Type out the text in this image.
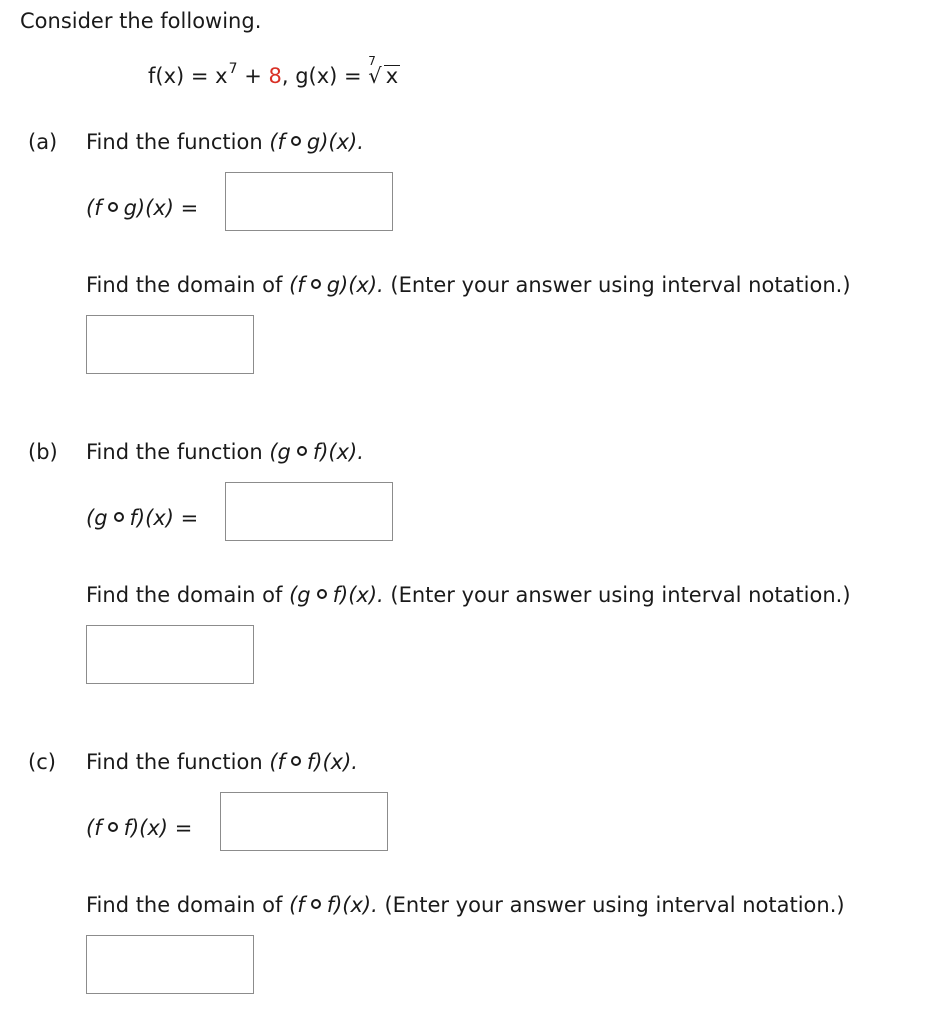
Consider the following.
$f(x) = x^7 + 8$, g(x) =
7
√ x
(a) Find the function (f g)(x).
(f g)(x) =
Find the domain of (f g)(x). (Enter your answer using interval notation.)
(b) Find the function (g f)(x).
(g f)(x) =
Find the domain of (g f)(x). (Enter your answer using interval notation.)
(c) Find the function (f f)(x).
(f f)(x) =
Find the domain of (f f)(x). (Enter your answer using interval notation.)
